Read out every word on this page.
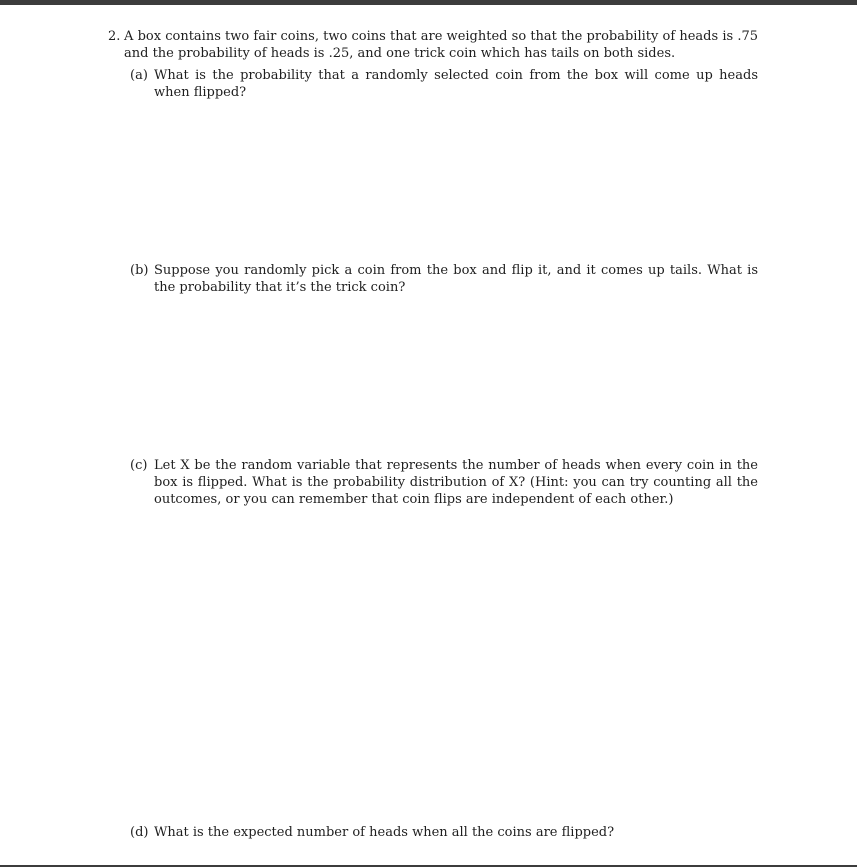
2. A box contains two fair coins, two coins that are weighted so that the probability of heads is .75 and the probability of heads is .25, and one trick coin which has tails on both sides.
(a) What is the probability that a randomly selected coin from the box will come up heads when flipped?
(b) Suppose you randomly pick a coin from the box and flip it, and it comes up tails. What is the probability that it’s the trick coin?
(c) Let X be the random variable that represents the number of heads when every coin in the box is flipped. What is the probability distribution of X? (Hint: you can try counting all the outcomes, or you can remember that coin flips are independent of each other.)
(d) What is the expected number of heads when all the coins are flipped?
